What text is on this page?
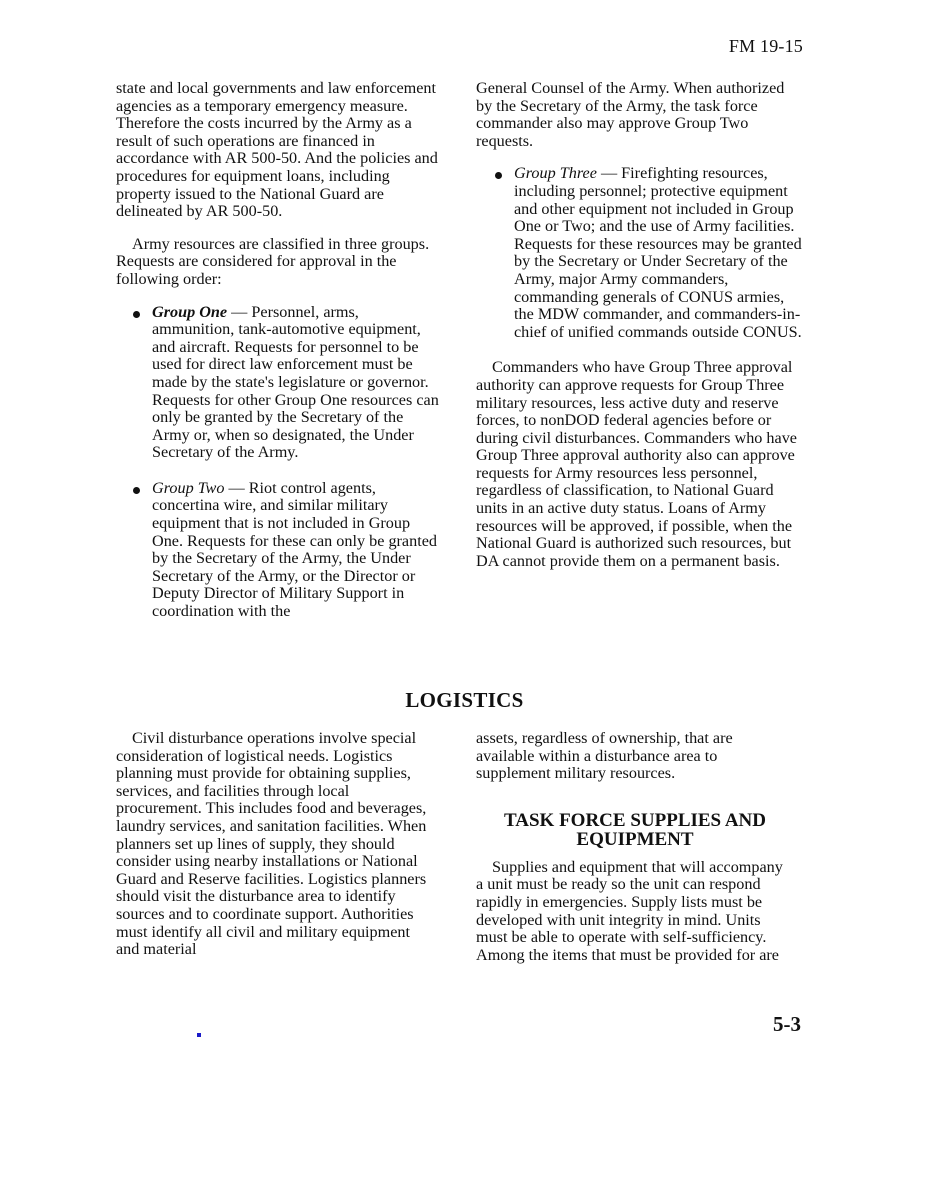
FM 19-15

state and local governments and law enforcement agencies as a temporary emergency measure. Therefore the costs incurred by the Army as a result of such operations are financed in accordance with AR 500-50. And the policies and procedures for equipment loans, including property issued to the National Guard are delineated by AR 500-50.

Army resources are classified in three groups. Requests are considered for approval in the following order:

Group One — Personnel, arms, ammunition, tank-automotive equipment, and aircraft. Requests for personnel to be used for direct law enforcement must be made by the state's legislature or governor. Requests for other Group One resources can only be granted by the Secretary of the Army or, when so designated, the Under Secretary of the Army.
Group Two — Riot control agents, concertina wire, and similar military equipment that is not included in Group One. Requests for these can only be granted by the Secretary of the Army, the Under Secretary of the Army, or the Director or Deputy Director of Military Support in coordination with the

General Counsel of the Army. When authorized by the Secretary of the Army, the task force commander also may approve Group Two requests.

Group Three — Firefighting resources, including personnel; protective equipment and other equipment not included in Group One or Two; and the use of Army facilities. Requests for these resources may be granted by the Secretary or Under Secretary of the Army, major Army commanders, commanding generals of CONUS armies, the MDW commander, and commanders-in-chief of unified commands outside CONUS.

Commanders who have Group Three approval authority can approve requests for Group Three military resources, less active duty and reserve forces, to nonDOD federal agencies before or during civil disturbances. Commanders who have Group Three approval authority also can approve requests for Army resources less personnel, regardless of classification, to National Guard units in an active duty status. Loans of Army resources will be approved, if possible, when the National Guard is authorized such resources, but DA cannot provide them on a permanent basis.

LOGISTICS

Civil disturbance operations involve special consideration of logistical needs. Logistics planning must provide for obtaining supplies, services, and facilities through local procurement. This includes food and beverages, laundry services, and sanitation facilities. When planners set up lines of supply, they should consider using nearby installations or National Guard and Reserve facilities. Logistics planners should visit the disturbance area to identify sources and to coordinate support. Authorities must identify all civil and military equipment and material

assets, regardless of ownership, that are available within a disturbance area to supplement military resources.

TASK FORCE SUPPLIES AND
EQUIPMENT

Supplies and equipment that will accompany a unit must be ready so the unit can respond rapidly in emergencies. Supply lists must be developed with unit integrity in mind. Units must be able to operate with self-sufficiency. Among the items that must be provided for are

5-3
